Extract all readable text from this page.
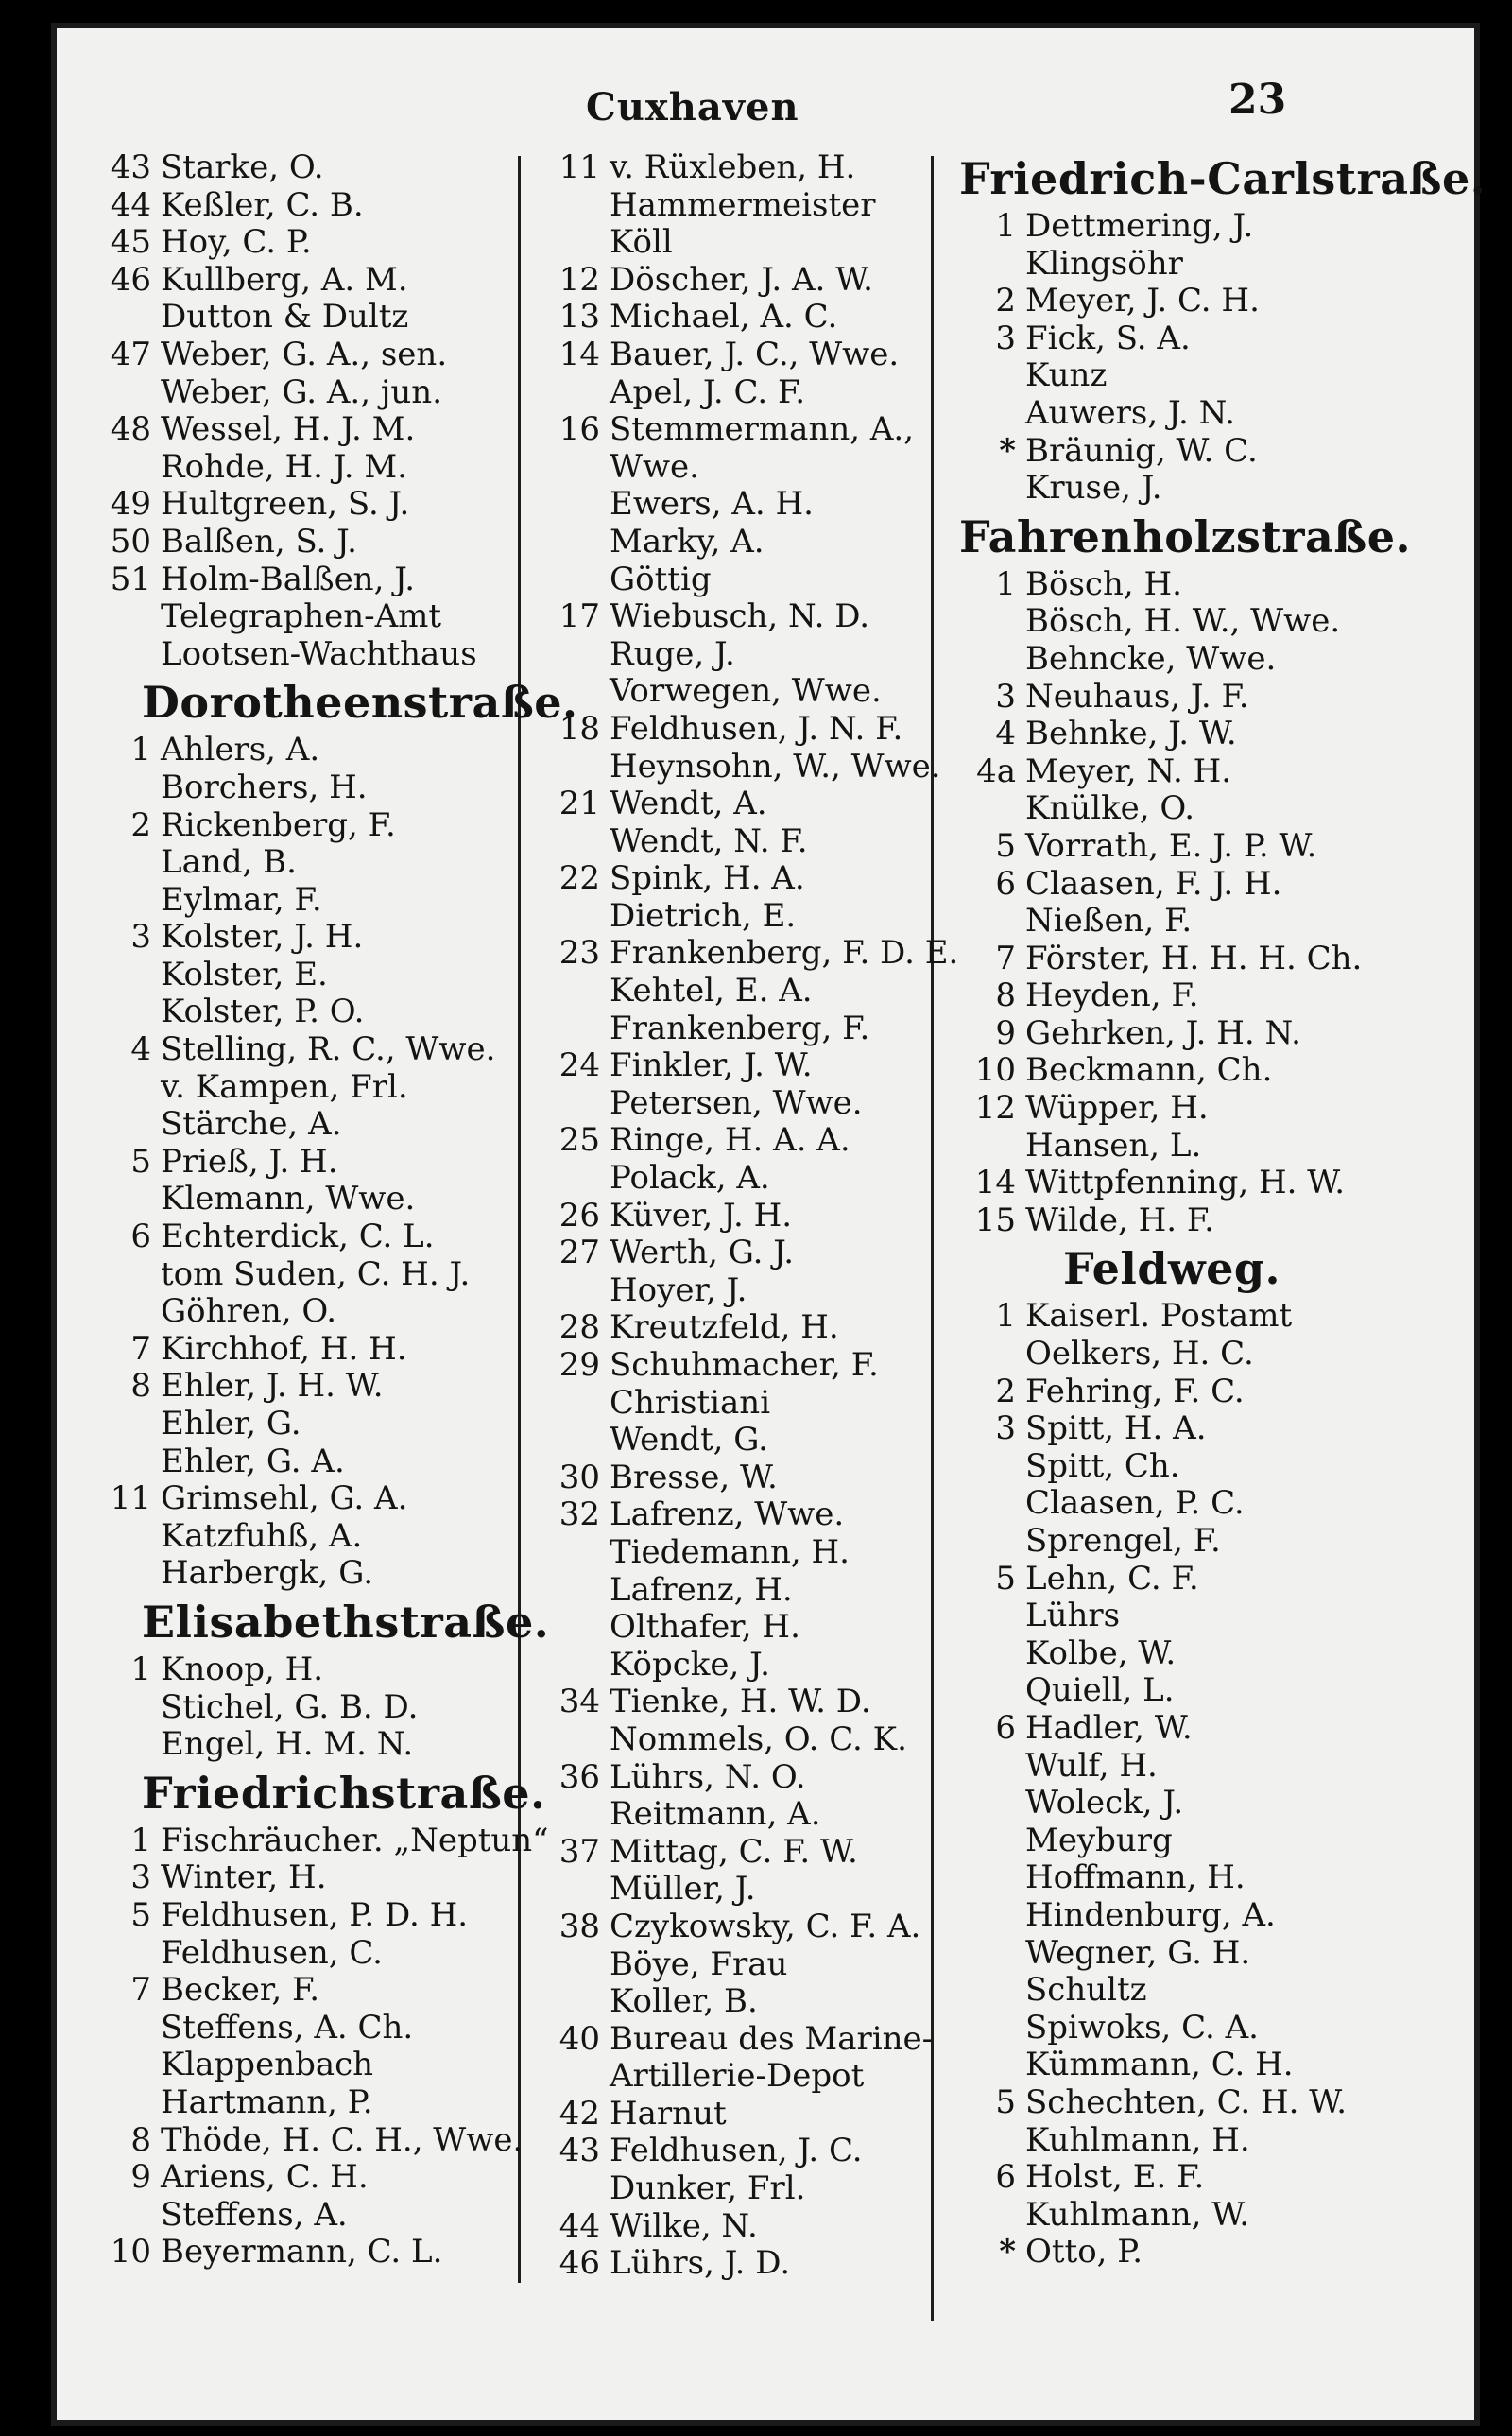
Cuxhaven	23
43 Starke, O.
44 Keßler, C. B.
45 Hoy, C. P.
46 Kullberg, A. M.
Dutton & Dultz
47 Weber, G. A., sen.
Weber, G. A., jun.
48 Wessel, H. J. M.
Rohde, H. J. M.
49 Hultgreen, S. J.
50 Balßen, S. J.
51 Holm-Balßen, J.
Telegraphen-Amt
Lootsen-Wachthaus
Dorotheenstraße.
1 Ahlers, A.
Borchers, H.
2 Rickenberg, F.
Land, B.
Eylmar, F.
3 Kolster, J. H.
Kolster, E.
Kolster, P. O.
4 Stelling, R. C., Wwe.
v. Kampen, Frl.
Stärche, A.
5 Prieß, J. H.
Klemann, Wwe.
6 Echterdick, C. L.
tom Suden, C. H. J.
Göhren, O.
7 Kirchhof, H. H.
8 Ehler, J. H. W.
Ehler, G.
Ehler, G. A.
11 Grimsehl, G. A.
Katzfuhß, A.
Harbergk, G.
Elisabethstraße.
1 Knoop, H.
Stichel, G. B. D.
Engel, H. M. N.
Friedrichstraße.
1 Fischräucher. „Neptun“
3 Winter, H.
5 Feldhusen, P. D. H.
Feldhusen, C.
7 Becker, F.
Steffens, A. Ch.
Klappenbach
Hartmann, P.
8 Thöde, H. C. H., Wwe.
9 Ariens, C. H.
Steffens, A.
10 Beyermann, C. L.
11 v. Rüxleben, H.
Hammermeister
Köll
12 Döscher, J. A. W.
13 Michael, A. C.
14 Bauer, J. C., Wwe.
Apel, J. C. F.
16 Stemmermann, A.,
Wwe.
Ewers, A. H.
Marky, A.
Göttig
17 Wiebusch, N. D.
Ruge, J.
Vorwegen, Wwe.
18 Feldhusen, J. N. F.
Heynsohn, W., Wwe.
21 Wendt, A.
Wendt, N. F.
22 Spink, H. A.
Dietrich, E.
23 Frankenberg, F. D. E.
Kehtel, E. A.
Frankenberg, F.
24 Finkler, J. W.
Petersen, Wwe.
25 Ringe, H. A. A.
Polack, A.
26 Küver, J. H.
27 Werth, G. J.
Hoyer, J.
28 Kreutzfeld, H.
29 Schuhmacher, F.
Christiani
Wendt, G.
30 Bresse, W.
32 Lafrenz, Wwe.
Tiedemann, H.
Lafrenz, H.
Olthafer, H.
Köpcke, J.
34 Tienke, H. W. D.
Nommels, O. C. K.
36 Lührs, N. O.
Reitmann, A.
37 Mittag, C. F. W.
Müller, J.
38 Czykowsky, C. F. A.
Böye, Frau
Koller, B.
40 Bureau des Marine-
Artillerie-Depot
42 Harnut
43 Feldhusen, J. C.
Dunker, Frl.
44 Wilke, N.
46 Lührs, J. D.
Friedrich-Carlstraße.
1 Dettmering, J.
Klingsöhr
2 Meyer, J. C. H.
3 Fick, S. A.
Kunz
Auwers, J. N.
* Bräunig, W. C.
Kruse, J.
Fahrenholzstraße.
1 Bösch, H.
Bösch, H. W., Wwe.
Behncke, Wwe.
3 Neuhaus, J. F.
4 Behnke, J. W.
4a Meyer, N. H.
Knülke, O.
5 Vorrath, E. J. P. W.
6 Claasen, F. J. H.
Nießen, F.
7 Förster, H. H. H. Ch.
8 Heyden, F.
9 Gehrken, J. H. N.
10 Beckmann, Ch.
12 Wüpper, H.
Hansen, L.
14 Wittpfenning, H. W.
15 Wilde, H. F.
Feldweg.
1 Kaiserl. Postamt
Oelkers, H. C.
2 Fehring, F. C.
3 Spitt, H. A.
Spitt, Ch.
Claasen, P. C.
Sprengel, F.
5 Lehn, C. F.
Lührs
Kolbe, W.
Quiell, L.
6 Hadler, W.
Wulf, H.
Woleck, J.
Meyburg
Hoffmann, H.
Hindenburg, A.
Wegner, G. H.
Schultz
Spiwoks, C. A.
Kümmann, C. H.
5 Schechten, C. H. W.
Kuhlmann, H.
6 Holst, E. F.
Kuhlmann, W.
* Otto, P.
